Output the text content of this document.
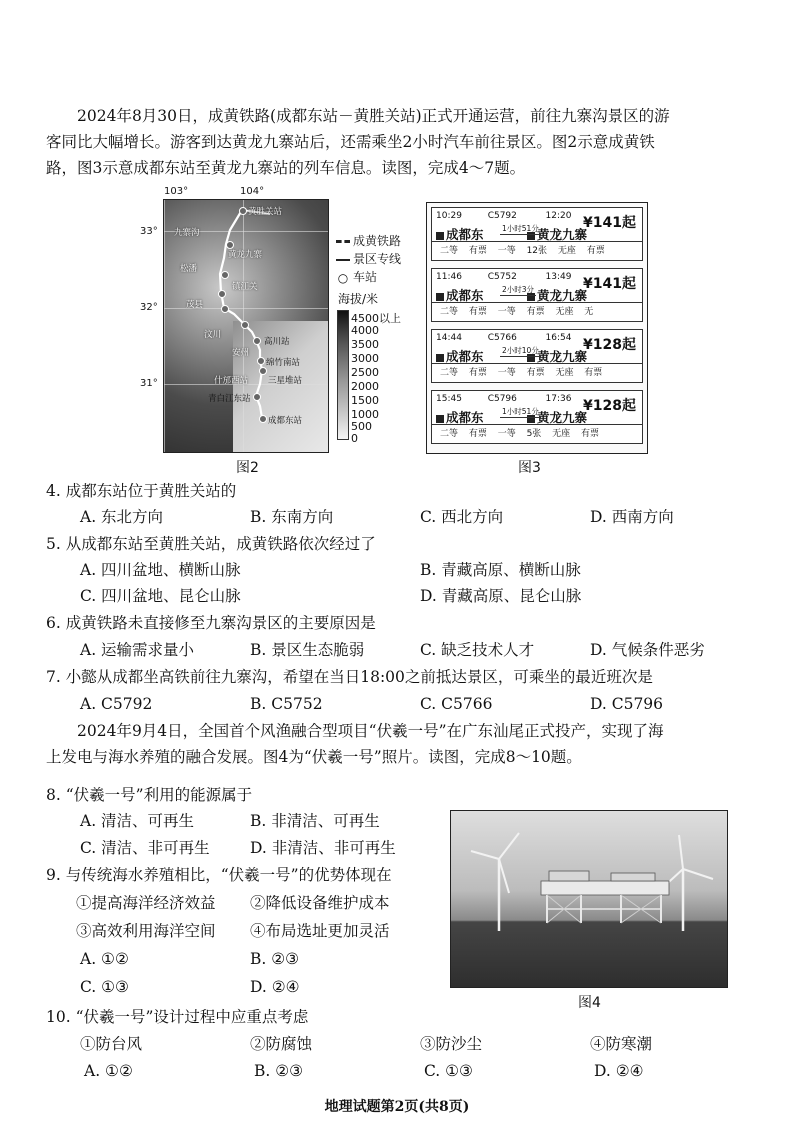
2024年8月30日，成黄铁路(成都东站－黄胜关站)正式开通运营，前往九寨沟景区的游
客同比大幅增长。游客到达黄龙九寨站后，还需乘坐2小时汽车前往景区。图2示意成黄铁
路，图3示意成都东站至黄龙九寨站的列车信息。读图，完成4～7题。
103°	104°
33°
32°
31°
黄胜关站
九寨沟
黄龙九寨
松潘
镇江关
茂县
汶川
安州
高川站
绵竹南站
什邡西站 三星堆站
青白江东站
成都东站
成黄铁路
景区专线
○ 车站
海拔/米
4500以上
4000
3500
3000
2500
2000
1500
1000
500
0
图2
10:29	C5792	12:20 ¥141起
成都东	黄龙九寨
1小时51分
二等 有票 一等 12张 无座 有票
11:46	C5752	13:49 ¥141起
成都东	黄龙九寨
2小时3分
二等 有票 一等 有票 无座 无
14:44	C5766	16:54 ¥128起
成都东	黄龙九寨
2小时10分
二等 有票 一等 有票 无座 有票
15:45	C5796	17:36 ¥128起
成都东	黄龙九寨
1小时51分
二等 有票 一等 5张 无座 有票
图3
4. 成都东站位于黄胜关站的
A. 东北方向	B. 东南方向	C. 西北方向	D. 西南方向
5. 从成都东站至黄胜关站，成黄铁路依次经过了
A. 四川盆地、横断山脉	B. 青藏高原、横断山脉
C. 四川盆地、昆仑山脉	D. 青藏高原、昆仑山脉
6. 成黄铁路未直接修至九寨沟景区的主要原因是
A. 运输需求量小	B. 景区生态脆弱	C. 缺乏技术人才	D. 气候条件恶劣
7. 小懿从成都坐高铁前往九寨沟，希望在当日18:00之前抵达景区，可乘坐的最近班次是
A. C5792	B. C5752	C. C5766	D. C5796
2024年9月4日，全国首个风渔融合型项目“伏羲一号”在广东汕尾正式投产，实现了海
上发电与海水养殖的融合发展。图4为“伏羲一号”照片。读图，完成8～10题。
8. “伏羲一号”利用的能源属于
A. 清洁、可再生	B. 非清洁、可再生
C. 清洁、非可再生	D. 非清洁、非可再生
9. 与传统海水养殖相比，“伏羲一号”的优势体现在
①提高海洋经济效益 ②降低设备维护成本
③高效利用海洋空间 ④布局选址更加灵活
A. ①②	B. ②③
C. ①③	D. ②④
图4
10. “伏羲一号”设计过程中应重点考虑
①防台风	②防腐蚀	③防沙尘	④防寒潮
A. ①②	B. ②③	C. ①③	D. ②④
地理试题第2页(共8页)
